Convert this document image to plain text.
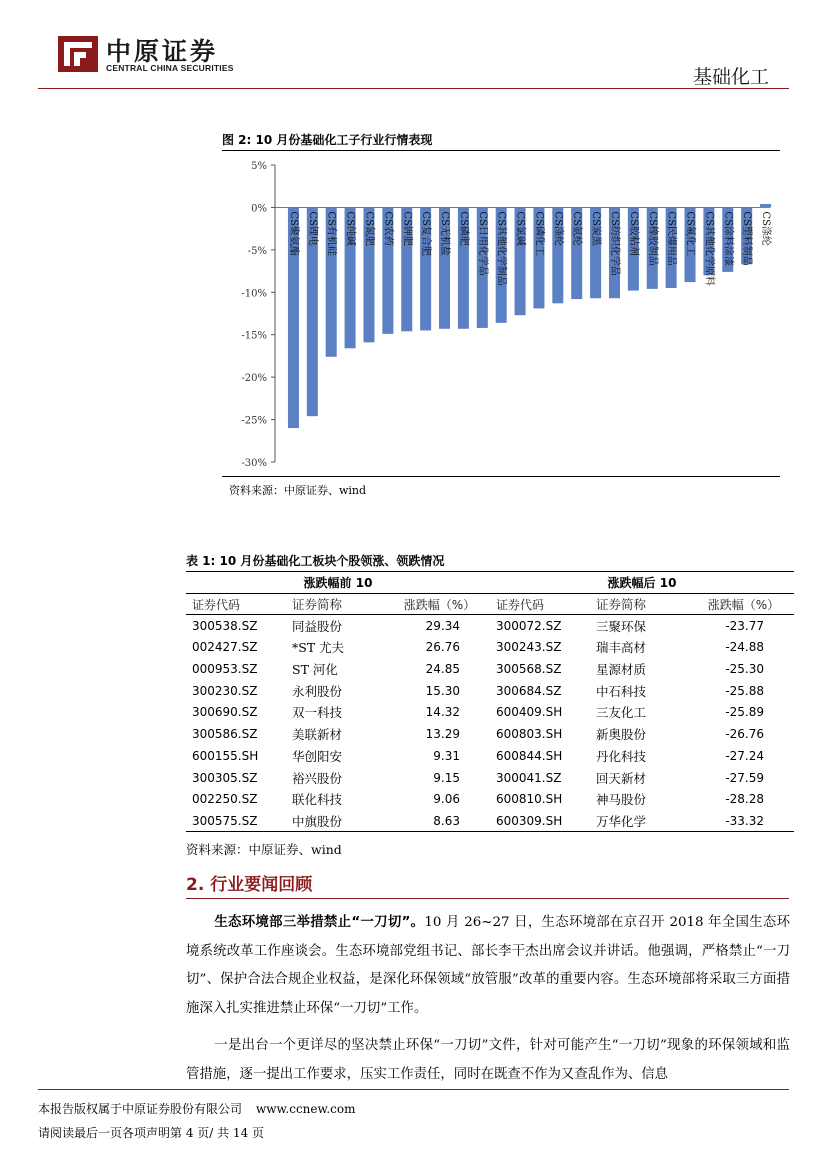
中原证券
CENTRAL CHINA SECURITIES	基础化工
图 2: 10 月份基础化工子行业行情表现
5%
0%
-5%
-10%
-15%
-20%
-25%
-30%
CS聚氨酯 CS锂电 CS有机硅 CS纯碱 CS氮肥 CS农药 CS钾肥 CS复合肥 CS无机盐 CS磷肥 CS日用化学品 CS其他化学制品 CS氯碱 CS磷化工 CS涤纶 CS氨纶 CS炭黑 CS纺织化学品 CS胶粘剂 CS橡胶制品 CS民爆用品 CS氟化工 CS其他化学原料 CS涂料涂漆 CS塑料制品 CS涤纶
资料来源：中原证券、wind
表 1: 10 月份基础化工板块个股领涨、领跌情况
涨跌幅前 10			涨跌幅后 10		
证券代码	证券简称	涨跌幅（%）	证券代码	证券简称	涨跌幅（%）
300538.SZ	同益股份	29.34	300072.SZ	三聚环保	-23.77
002427.SZ	*ST 尤夫	26.76	300243.SZ	瑞丰高材	-24.88
000953.SZ	ST 河化	24.85	300568.SZ	星源材质	-25.30
300230.SZ	永利股份	15.30	300684.SZ	中石科技	-25.88
300690.SZ	双一科技	14.32	600409.SH	三友化工	-25.89
300586.SZ	美联新材	13.29	600803.SH	新奥股份	-26.76
600155.SH	华创阳安	9.31	600844.SH	丹化科技	-27.24
300305.SZ	裕兴股份	9.15	300041.SZ	回天新材	-27.59
002250.SZ	联化科技	9.06	600810.SH	神马股份	-28.28
300575.SZ	中旗股份	8.63	600309.SH	万华化学	-33.32
资料来源：中原证券、wind
2. 行业要闻回顾
生态环境部三举措禁止“一刀切”。10 月 26~27 日，生态环境部在京召开 2018 年全国生态环境系统改革工作座谈会。生态环境部党组书记、部长李干杰出席会议并讲话。他强调，严格禁止“一刀切”、保护合法合规企业权益，是深化环保领域“放管服”改革的重要内容。生态环境部将采取三方面措施深入扎实推进禁止环保“一刀切”工作。
一是出台一个更详尽的坚决禁止环保“一刀切”文件，针对可能产生“一刀切”现象的环保领域和监管措施，逐一提出工作要求，压实工作责任，同时在既查不作为又查乱作为、信息
本报告版权属于中原证券股份有限公司 www.ccnew.com
请阅读最后一页各项声明第 4 页/ 共 14 页
